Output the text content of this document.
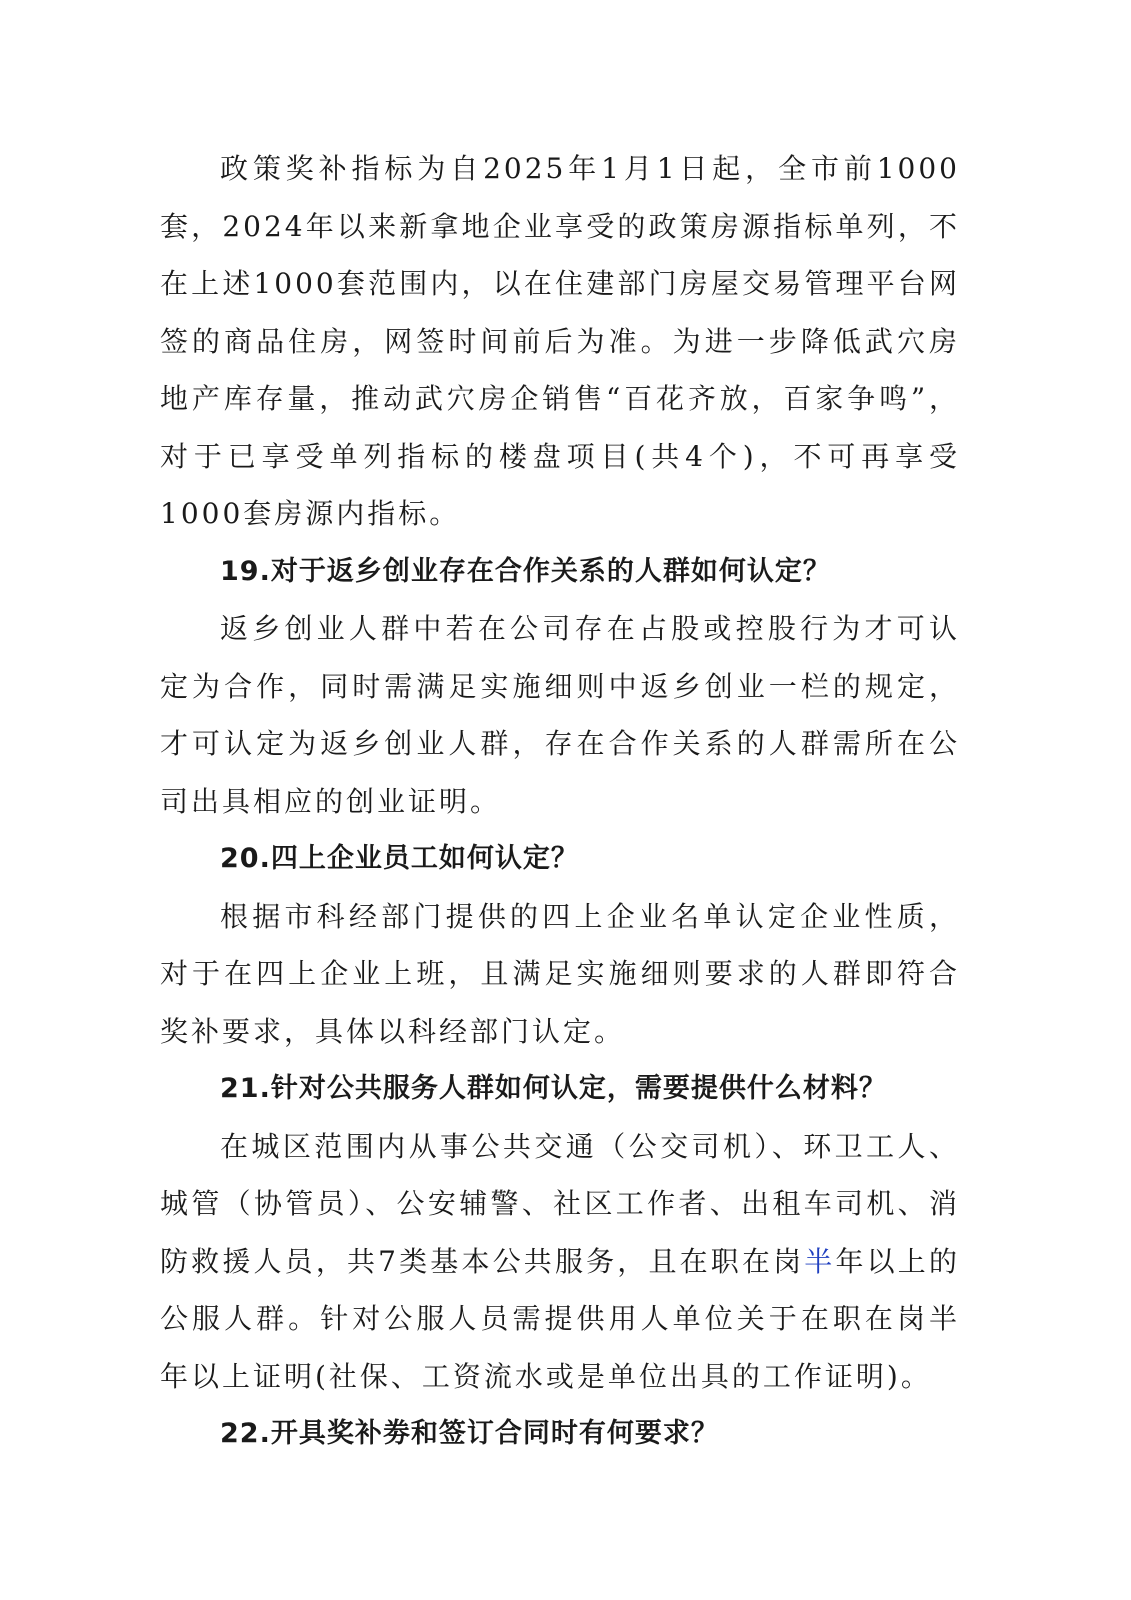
政策奖补指标为自2025年1月1日起，全市前1000套，2024年以来新拿地企业享受的政策房源指标单列，不在上述1000套范围内，以在住建部门房屋交易管理平台网签的商品住房，网签时间前后为准。为进一步降低武穴房地产库存量，推动武穴房企销售“百花齐放，百家争鸣”，对于已享受单列指标的楼盘项目(共4个)，不可再享受1000套房源内指标。

19.对于返乡创业存在合作关系的人群如何认定？

返乡创业人群中若在公司存在占股或控股行为才可认定为合作，同时需满足实施细则中返乡创业一栏的规定，才可认定为返乡创业人群，存在合作关系的人群需所在公司出具相应的创业证明。

20.四上企业员工如何认定？

根据市科经部门提供的四上企业名单认定企业性质，对于在四上企业上班，且满足实施细则要求的人群即符合奖补要求，具体以科经部门认定。

21.针对公共服务人群如何认定，需要提供什么材料？

在城区范围内从事公共交通（公交司机）、环卫工人、城管（协管员）、公安辅警、社区工作者、出租车司机、消防救援人员，共7类基本公共服务，且在职在岗半年以上的公服人群。针对公服人员需提供用人单位关于在职在岗半年以上证明(社保、工资流水或是单位出具的工作证明)。

22.开具奖补劵和签订合同时有何要求？
